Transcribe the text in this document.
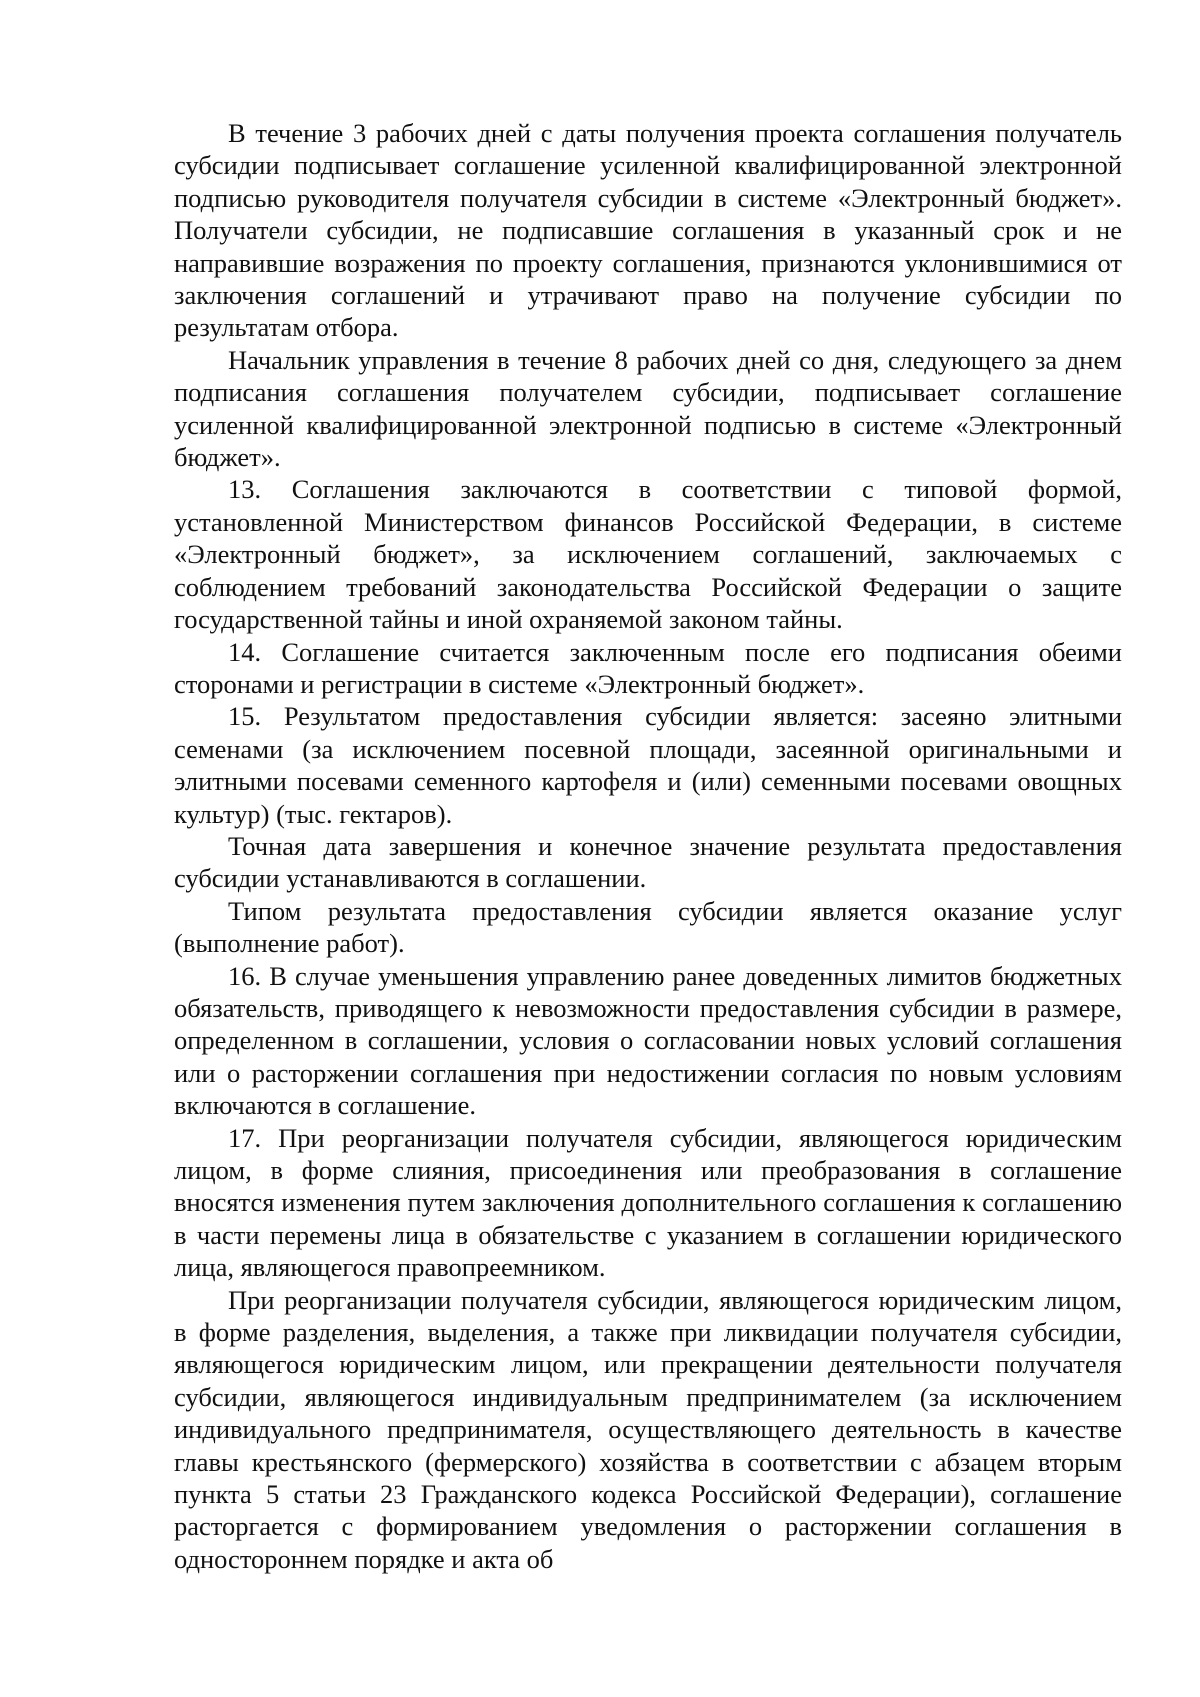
В течение 3 рабочих дней с даты получения проекта соглашения получатель субсидии подписывает соглашение усиленной квалифицированной электронной подписью руководителя получателя субсидии в системе «Электронный бюджет». Получатели субсидии, не подписавшие соглашения в указанный срок и не направившие возражения по проекту соглашения, признаются уклонившимися от заключения соглашений и утрачивают право на получение субсидии по результатам отбора.

Начальник управления в течение 8 рабочих дней со дня, следующего за днем подписания соглашения получателем субсидии, подписывает соглашение усиленной квалифицированной электронной подписью в системе «Электронный бюджет».

13. Соглашения заключаются в соответствии с типовой формой, установленной Министерством финансов Российской Федерации, в системе «Электронный бюджет», за исключением соглашений, заключаемых с соблюдением требований законодательства Российской Федерации о защите государственной тайны и иной охраняемой законом тайны.

14. Соглашение считается заключенным после его подписания обеими сторонами и регистрации в системе «Электронный бюджет».

15. Результатом предоставления субсидии является: засеяно элитными семенами (за исключением посевной площади, засеянной оригинальными и элитными посевами семенного картофеля и (или) семенными посевами овощных культур) (тыс. гектаров).

Точная дата завершения и конечное значение результата предоставления субсидии устанавливаются в соглашении.

Типом результата предоставления субсидии является оказание услуг (выполнение работ).

16. В случае уменьшения управлению ранее доведенных лимитов бюджетных обязательств, приводящего к невозможности предоставления субсидии в размере, определенном в соглашении, условия о согласовании новых условий соглашения или о расторжении соглашения при недостижении согласия по новым условиям включаются в соглашение.

17. При реорганизации получателя субсидии, являющегося юридическим лицом, в форме слияния, присоединения или преобразования в соглашение вносятся изменения путем заключения дополнительного соглашения к соглашению в части перемены лица в обязательстве с указанием в соглашении юридического лица, являющегося правопреемником.

При реорганизации получателя субсидии, являющегося юридическим лицом, в форме разделения, выделения, а также при ликвидации получателя субсидии, являющегося юридическим лицом, или прекращении деятельности получателя субсидии, являющегося индивидуальным предпринимателем (за исключением индивидуального предпринимателя, осуществляющего деятельность в качестве главы крестьянского (фермерского) хозяйства в соответствии с абзацем вторым пункта 5 статьи 23 Гражданского кодекса Российской Федерации), соглашение расторгается с формированием уведомления о расторжении соглашения в одностороннем порядке и акта об
